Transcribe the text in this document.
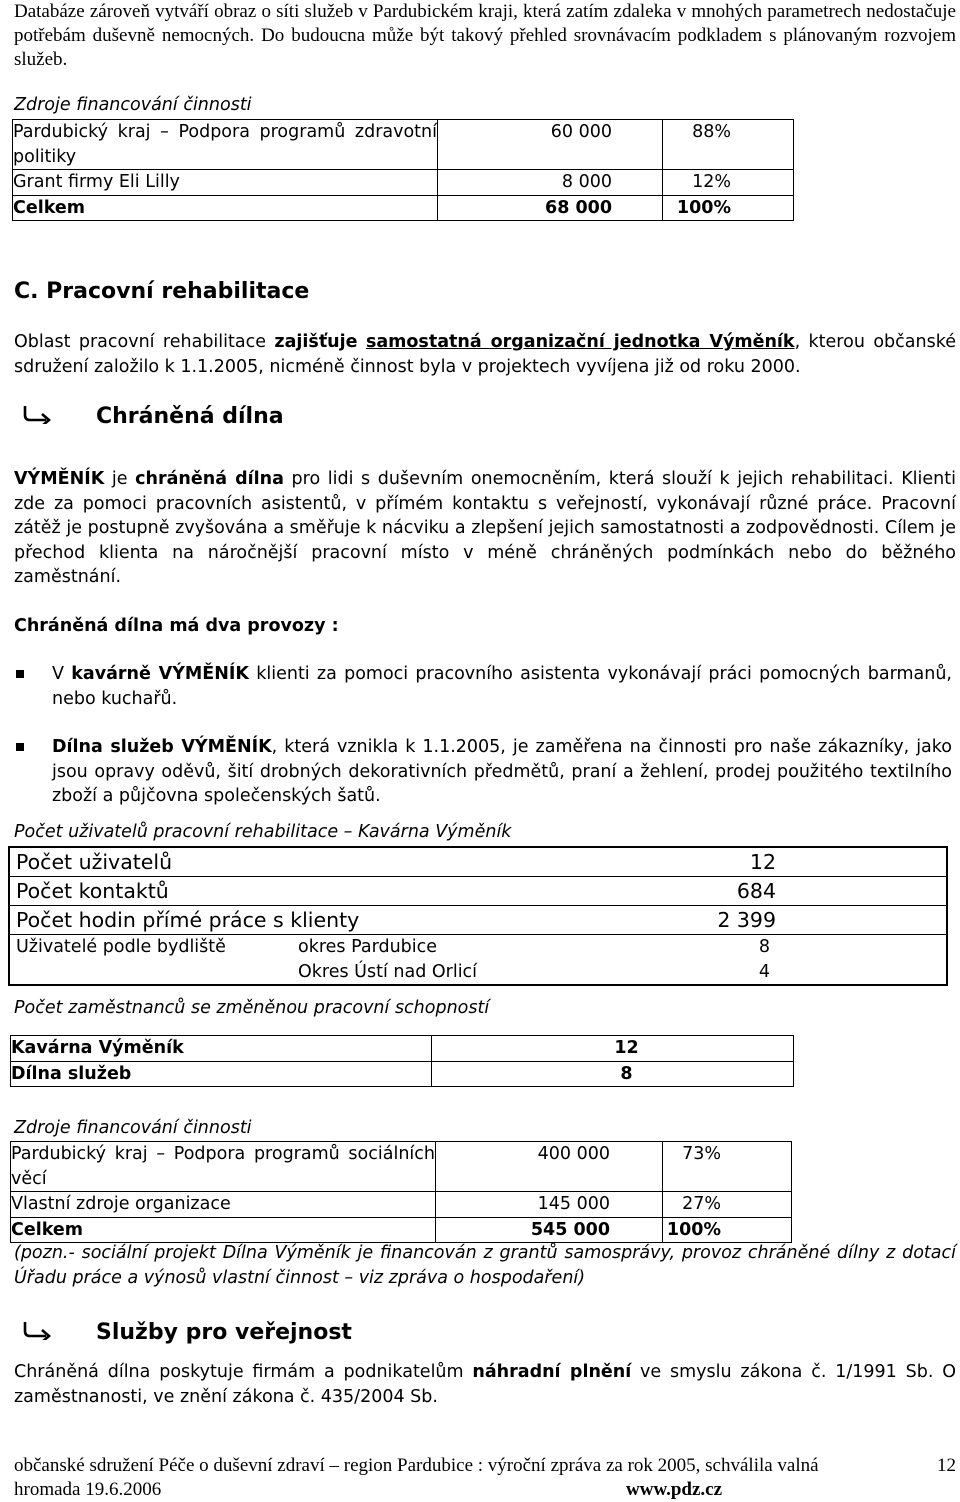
Databáze zároveň vytváří obraz o síti služeb v Pardubickém kraji, která zatím zdaleka v mnohých parametrech nedostačuje potřebám duševně nemocných. Do budoucna může být takový přehled srovnávacím podkladem s plánovaným rozvojem služeb.
Zdroje financování činnosti
Pardubický kraj – Podpora programů zdravotní politiky	60 000	88%
Grant firmy Eli Lilly	8 000	12%
Celkem	68 000	100%
C. Pracovní rehabilitace
Oblast pracovní rehabilitace zajišťuje samostatná organizační jednotka Výměník, kterou občanské sdružení založilo k 1.1.2005, nicméně činnost byla v projektech vyvíjena již od roku 2000.
Chráněná dílna
VÝMĚNÍK je chráněná dílna pro lidi s duševním onemocněním, která slouží k jejich rehabilitaci. Klienti zde za pomoci pracovních asistentů, v přímém kontaktu s veřejností, vykonávají různé práce. Pracovní zátěž je postupně zvyšována a směřuje k nácviku a zlepšení jejich samostatnosti a zodpovědnosti. Cílem je přechod klienta na náročnější pracovní místo v méně chráněných podmínkách nebo do běžného zaměstnání.
Chráněná dílna má dva provozy :
V kavárně VÝMĚNÍK klienti za pomoci pracovního asistenta vykonávají práci pomocných barmanů, nebo kuchařů.
Dílna služeb VÝMĚNÍK, která vznikla k 1.1.2005, je zaměřena na činnosti pro naše zákazníky, jako jsou opravy oděvů, šití drobných dekorativních předmětů, praní a žehlení, prodej použitého textilního zboží a půjčovna společenských šatů.
Počet uživatelů pracovní rehabilitace – Kavárna Výměník
Počet uživatelů		12
Počet kontaktů		684
Počet hodin přímé práce s klienty		2 399
Uživatelé podle bydliště	okres Pardubice	8
	Okres Ústí nad Orlicí	4
Počet zaměstnanců se změněnou pracovní schopností
Kavárna Výměník	12
Dílna služeb	8
Zdroje financování činnosti
Pardubický kraj – Podpora programů sociálních věcí	400 000	73%
Vlastní zdroje organizace	145 000	27%
Celkem	545 000	100%
(pozn.- sociální projekt Dílna Výměník je financován z grantů samosprávy, provoz chráněné dílny z dotací Úřadu práce a výnosů vlastní činnost – viz zpráva o hospodaření)
Služby pro veřejnost
Chráněná dílna poskytuje firmám a podnikatelům náhradní plnění ve smyslu zákona č. 1/1991 Sb. O zaměstnanosti, ve znění zákona č. 435/2004 Sb.
občanské sdružení Péče o duševní zdraví – region Pardubice : výroční zpráva za rok 2005, schválila valná	12
hromada 19.6.2006	www.pdz.cz
